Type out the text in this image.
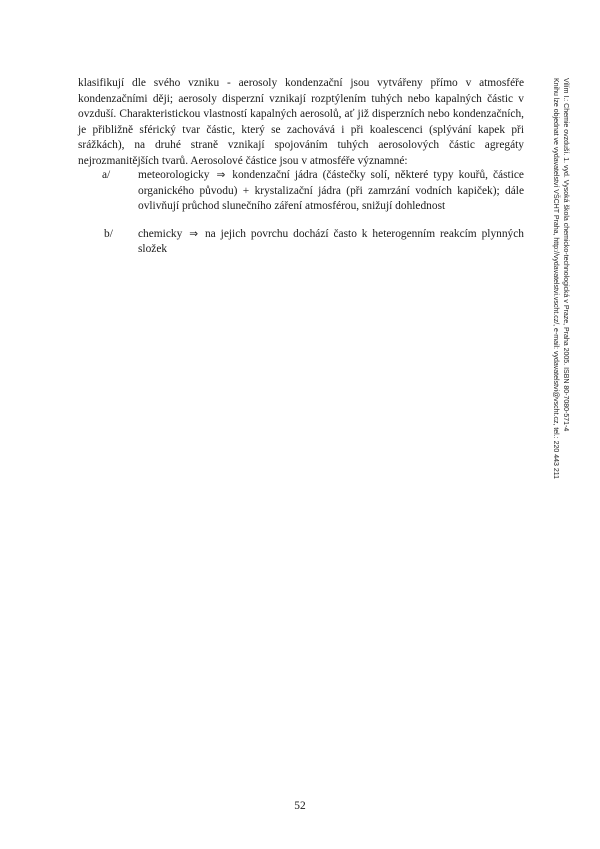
klasifikují dle svého vzniku - aerosoly kondenzační jsou vytvářeny přímo v atmosféře kondenzačními ději; aerosoly disperzní vznikají rozptýlením tuhých nebo kapalných částic v ovzduší. Charakteristickou vlastností kapalných aerosolů, ať již disperzních nebo kondenzačních, je přibližně sférický tvar částic, který se zachovává i při koalescenci (splývání kapek při srážkách), na druhé straně vznikají spojováním tuhých aerosolových částic agregáty nejrozmanitějších tvarů. Aerosolové částice jsou v atmosféře významné:

a/ meteorologicky ⇒ kondenzační jádra (částečky solí, některé typy kouřů, částice organického původu) + krystalizační jádra (při zamrzání vodních kapiček); dále ovlivňují průchod slunečního záření atmosférou, snižují dohlednost
b/ chemicky ⇒ na jejich povrchu dochází často k heterogenním reakcím plynných složek	Vilím I.: Chemie ovzduší. 1. vyd. Vysoká škola chemicko-technologická v Praze, Praha 2005. ISBN 80-7080-571-4
Knihu lze objednat ve vydavatelství VŠCHT Praha, http://vydavatelstvi.vscht.cz/, e-mail: vydavatelstvi@vscht.cz, tel.: 220 443 211
52
